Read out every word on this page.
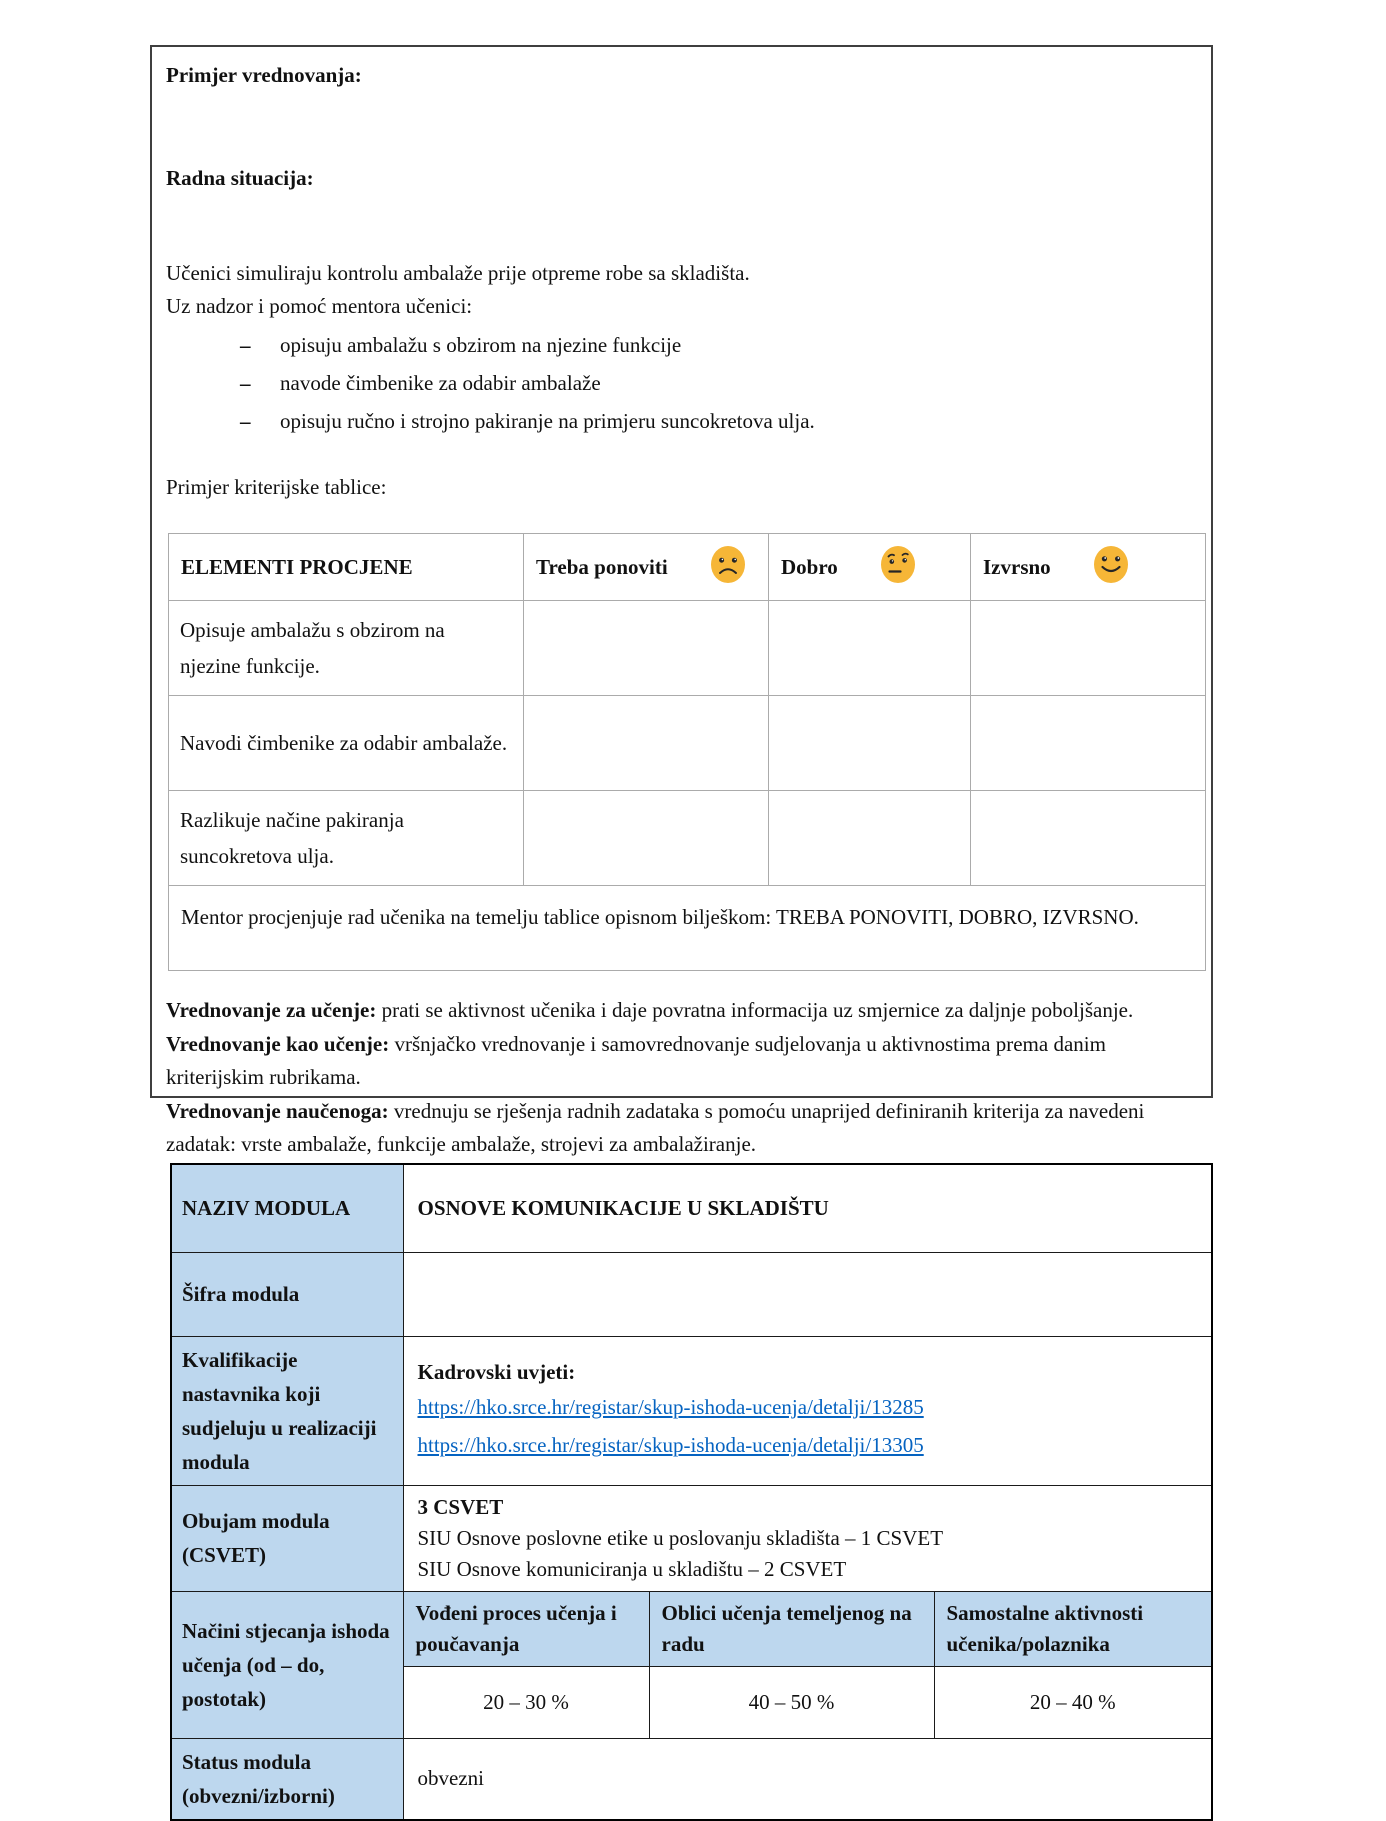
Primjer vrednovanja:
Radna situacija:
Učenici simuliraju kontrolu ambalaže prije otpreme robe sa skladišta.
Uz nadzor i pomoć mentora učenici:
–	opisuju ambalažu s obzirom na njezine funkcije
–	navode čimbenike za odabir ambalaže
–	opisuju ručno i strojno pakiranje na primjeru suncokretova ulja.
Primjer kriterijske tablice:
ELEMENTI PROCJENE	Treba ponoviti	Dobro	Izvrsno

Opisuje ambalažu s obzirom na njezine funkcije.			

Navodi čimbenike za odabir ambalaže.			

Razlikuje načine pakiranja suncokretova ulja.			

Mentor procjenjuje rad učenika na temelju tablice opisnom bilješkom: TREBA PONOVITI, DOBRO, IZVRSNO.			
Vrednovanje za učenje: prati se aktivnost učenika i daje povratna informacija uz smjernice za daljnje poboljšanje.
Vrednovanje kao učenje: vršnjačko vrednovanje i samovrednovanje sudjelovanja u aktivnostima prema danim kriterijskim rubrikama.
Vrednovanje naučenoga: vrednuju se rješenja radnih zadataka s pomoću unaprijed definiranih kriterija za navedeni zadatak: vrste ambalaže, funkcije ambalaže, strojevi za ambalažiranje.
NAZIV MODULA	OSNOVE KOMUNIKACIJE U SKLADIŠTU		
Šifra modula			
Kvalifikacije nastavnika koji sudjeluju u realizaciji modula	Kadrovski uvjeti:
https://hko.srce.hr/registar/skup-ishoda-ucenja/detalji/13285
https://hko.srce.hr/registar/skup-ishoda-ucenja/detalji/13305		
Obujam modula (CSVET)	3 CSVET
SIU Osnove poslovne etike u poslovanju skladišta – 1 CSVET
SIU Osnove komuniciranja u skladištu – 2 CSVET		

Načini stjecanja ishoda učenja (od – do, postotak)	Vođeni proces učenja i poučavanja	Oblici učenja temeljenog na radu	Samostalne aktivnosti učenika/polaznika
	20 – 30 %	40 – 50 %	20 – 40 %
Status modula (obvezni/izborni)	obvezni		
